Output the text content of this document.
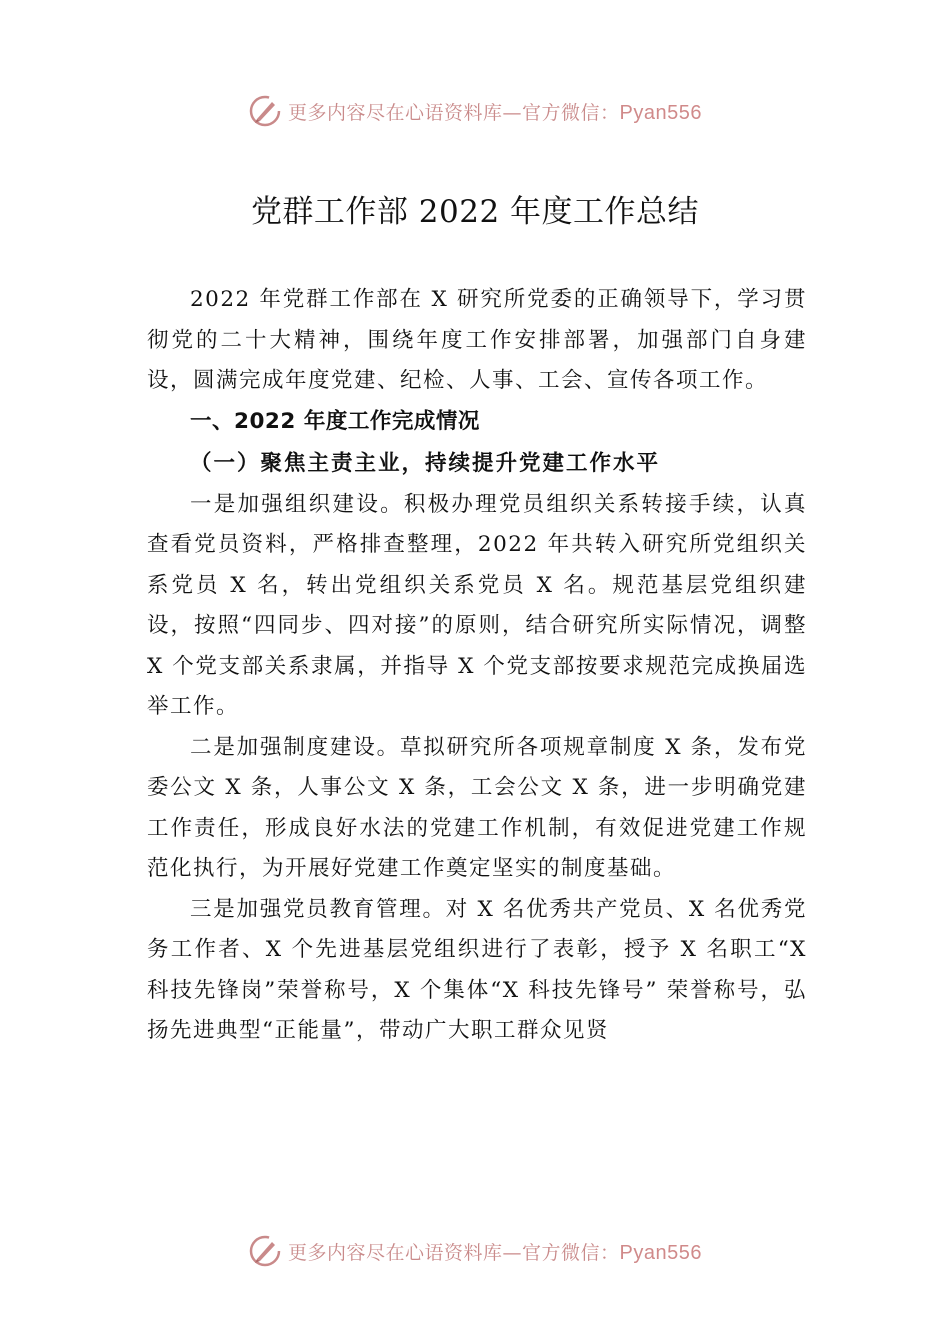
更多内容尽在心语资料库—官方微信：Pyan556
党群工作部 2022 年度工作总结

2022 年党群工作部在 X 研究所党委的正确领导下，学习贯彻党的二十大精神，围绕年度工作安排部署，加强部门自身建设，圆满完成年度党建、纪检、人事、工会、宣传各项工作。

一、2022 年度工作完成情况

（一）聚焦主责主业，持续提升党建工作水平

一是加强组织建设。积极办理党员组织关系转接手续，认真查看党员资料，严格排查整理，2022 年共转入研究所党组织关系党员 X 名，转出党组织关系党员 X 名。规范基层党组织建设，按照“四同步、四对接”的原则，结合研究所实际情况，调整 X 个党支部关系隶属，并指导 X 个党支部按要求规范完成换届选举工作。

二是加强制度建设。草拟研究所各项规章制度 X 条，发布党委公文 X 条，人事公文 X 条，工会公文 X 条，进一步明确党建工作责任，形成良好水法的党建工作机制，有效促进党建工作规范化执行，为开展好党建工作奠定坚实的制度基础。

三是加强党员教育管理。对 X 名优秀共产党员、X 名优秀党务工作者、X 个先进基层党组织进行了表彰，授予 X 名职工“X 科技先锋岗”荣誉称号，X 个集体“X 科技先锋号” 荣誉称号，弘扬先进典型“正能量”，带动广大职工群众见贤

更多内容尽在心语资料库—官方微信：Pyan556
